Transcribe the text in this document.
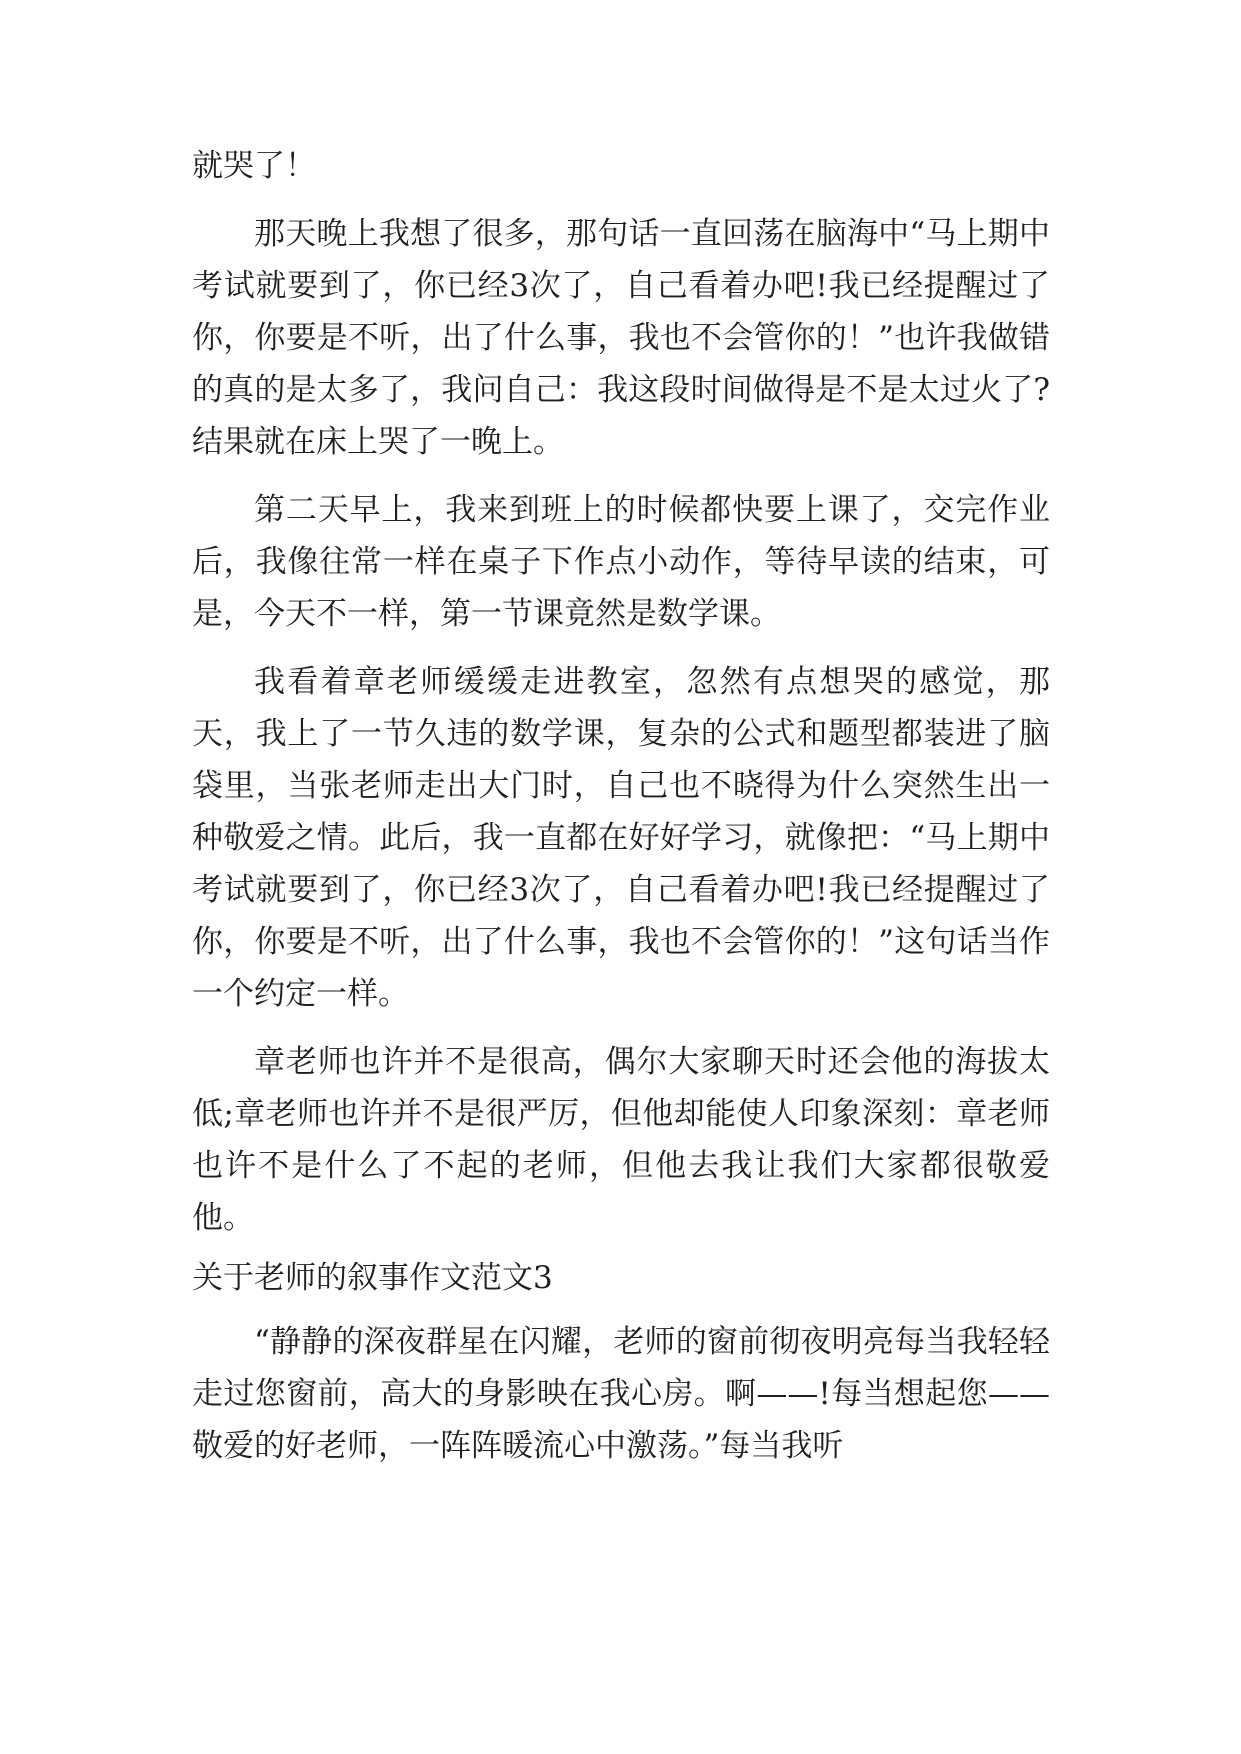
就哭了！

那天晚上我想了很多，那句话一直回荡在脑海中“马上期中考试就要到了，你已经3次了，自己看着办吧!我已经提醒过了你，你要是不听，出了什么事，我也不会管你的！”也许我做错的真的是太多了，我问自己：我这段时间做得是不是太过火了?结果就在床上哭了一晚上。

第二天早上，我来到班上的时候都快要上课了，交完作业后，我像往常一样在桌子下作点小动作，等待早读的结束，可是，今天不一样，第一节课竟然是数学课。

我看着章老师缓缓走进教室，忽然有点想哭的感觉，那天，我上了一节久违的数学课，复杂的公式和题型都装进了脑袋里，当张老师走出大门时，自己也不晓得为什么突然生出一种敬爱之情。此后，我一直都在好好学习，就像把：“马上期中考试就要到了，你已经3次了，自己看着办吧!我已经提醒过了你，你要是不听，出了什么事，我也不会管你的！”这句话当作一个约定一样。

章老师也许并不是很高，偶尔大家聊天时还会他的海拔太低;章老师也许并不是很严厉，但他却能使人印象深刻：章老师也许不是什么了不起的老师，但他去我让我们大家都很敬爱他。

关于老师的叙事作文范文3

“静静的深夜群星在闪耀，老师的窗前彻夜明亮每当我轻轻走过您窗前，高大的身影映在我心房。啊——!每当想起您——敬爱的好老师，一阵阵暖流心中激荡。”每当我听
